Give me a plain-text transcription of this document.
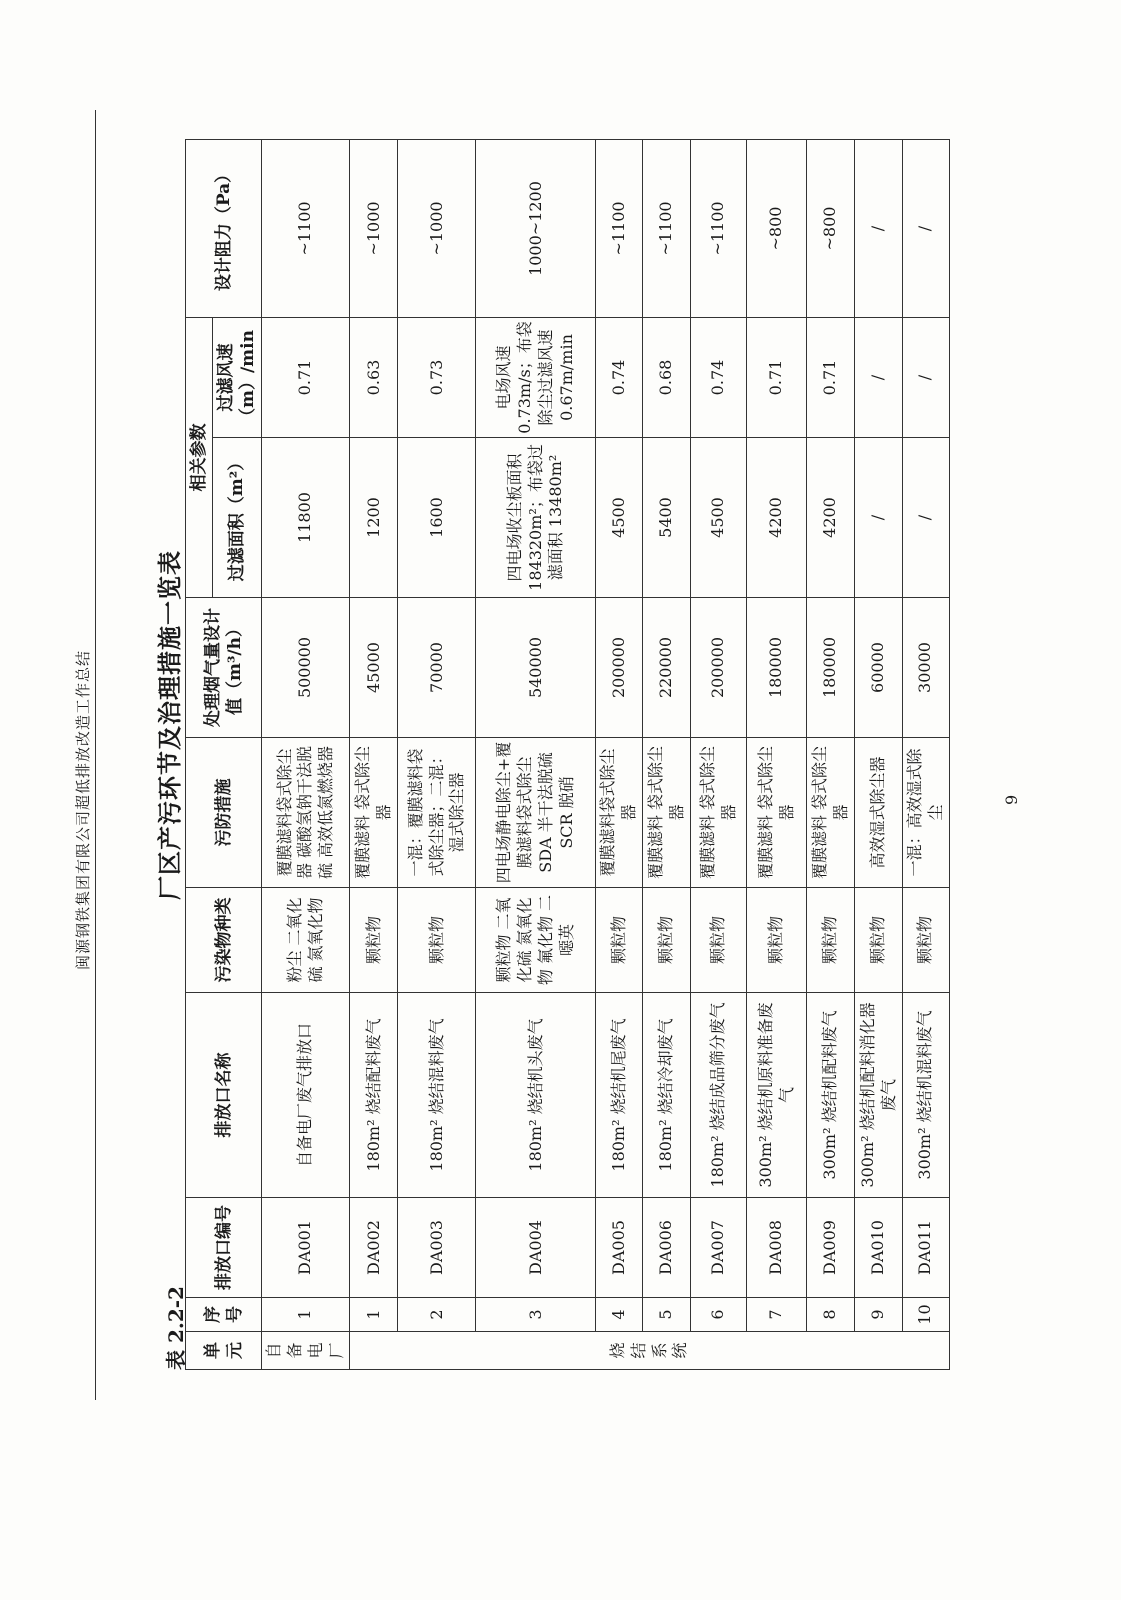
闽源钢铁集团有限公司超低排放改造工作总结
表 2.2-2
厂区产污环节及治理措施一览表
单元	序号	排放口编号	排放口名称	污染物种类	污防措施	处理烟气量设计值（m³/h）	相关参数		设计阻力（Pa）
							过滤面积（m²）	过滤风速（m）/min	
自备电厂	1	DA001	自备电厂废气排放口	粉尘 二氧化硫 氮氧化物	覆膜滤料袋式除尘器 碳酸氢钠干法脱硫 高效低氮燃烧器	500000	11800	0.71	~1100
烧结系统	1	DA002	180m² 烧结配料废气	颗粒物	覆膜滤料 袋式除尘器	45000	1200	0.63	~1000
	2	DA003	180m² 烧结混料废气	颗粒物	一混：覆膜滤料袋式除尘器；二混：湿式除尘器	70000	1600	0.73	~1000
	3	DA004	180m² 烧结机头废气	颗粒物 二氧化硫 氮氧化物 氟化物 二噁英	四电场静电除尘+覆膜滤料袋式除尘 SDA 半干法脱硫 SCR 脱硝	540000	四电场收尘板面积 184320m²；布袋过滤面积 13480m²	电场风速 0.73m/s；布袋除尘过滤风速 0.67m/min	1000~1200
	4	DA005	180m² 烧结机尾废气	颗粒物	覆膜滤料袋式除尘器	200000	4500	0.74	~1100
	5	DA006	180m² 烧结冷却废气	颗粒物	覆膜滤料 袋式除尘器	220000	5400	0.68	~1100
	6	DA007	180m² 烧结成品筛分废气	颗粒物	覆膜滤料 袋式除尘器	200000	4500	0.74	~1100
	7	DA008	300m² 烧结机原料准备废气	颗粒物	覆膜滤料 袋式除尘器	180000	4200	0.71	~800
	8	DA009	300m² 烧结机配料废气	颗粒物	覆膜滤料 袋式除尘器	180000	4200	0.71	~800
	9	DA010	300m² 烧结机配料消化器废气	颗粒物	高效湿式除尘器	60000	/	/	/
	10	DA011	300m² 烧结机混料废气	颗粒物	一混：高效湿式除尘	30000	/	/	/
9
